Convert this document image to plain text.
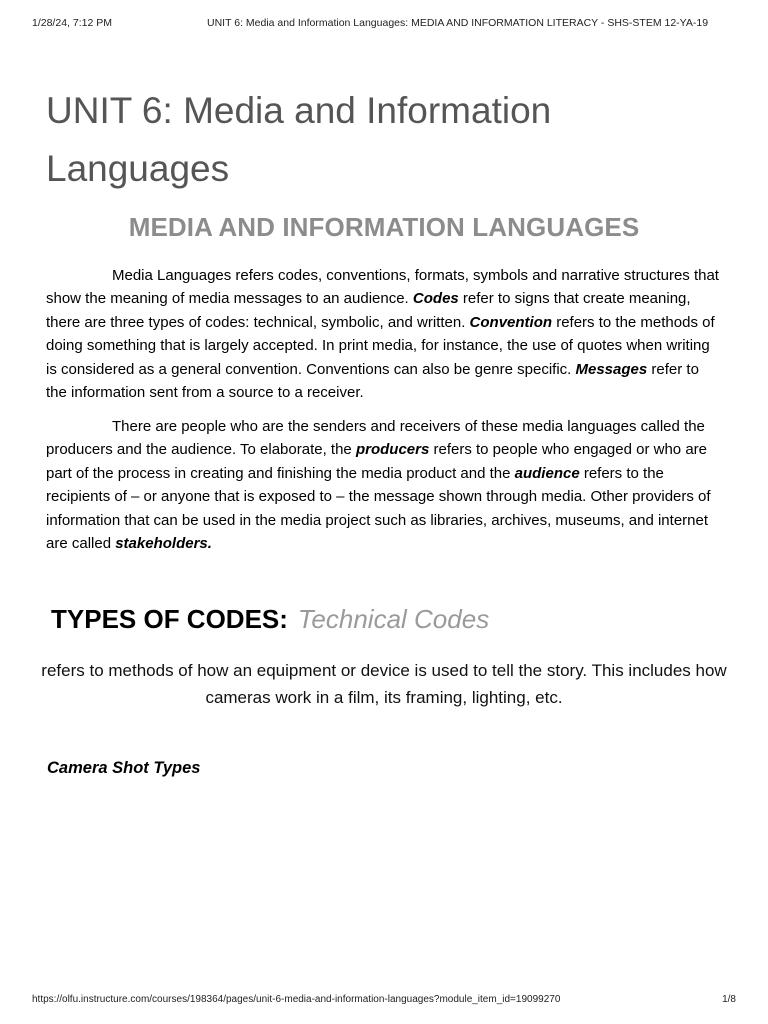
1/28/24, 7:12 PM	UNIT 6: Media and Information Languages: MEDIA AND INFORMATION LITERACY - SHS-STEM 12-YA-19
UNIT 6: Media and Information Languages
MEDIA AND INFORMATION LANGUAGES

Media Languages refers codes, conventions, formats, symbols and narrative structures that show the meaning of media messages to an audience. Codes refer to signs that create meaning, there are three types of codes: technical, symbolic, and written. Convention refers to the methods of doing something that is largely accepted. In print media, for instance, the use of quotes when writing is considered as a general convention. Conventions can also be genre specific. Messages refer to the information sent from a source to a receiver.

There are people who are the senders and receivers of these media languages called the producers and the audience. To elaborate, the producers refers to people who engaged or who are part of the process in creating and finishing the media product and the audience refers to the recipients of – or anyone that is exposed to – the message shown through media. Other providers of information that can be used in the media project such as libraries, archives, museums, and internet are called stakeholders.

TYPES OF CODES: Technical Codes

refers to methods of how an equipment or device is used to tell the story. This includes how cameras work in a film, its framing, lighting, etc.

Camera Shot Types
https://olfu.instructure.com/courses/198364/pages/unit-6-media-and-information-languages?module_item_id=19099270	1/8
